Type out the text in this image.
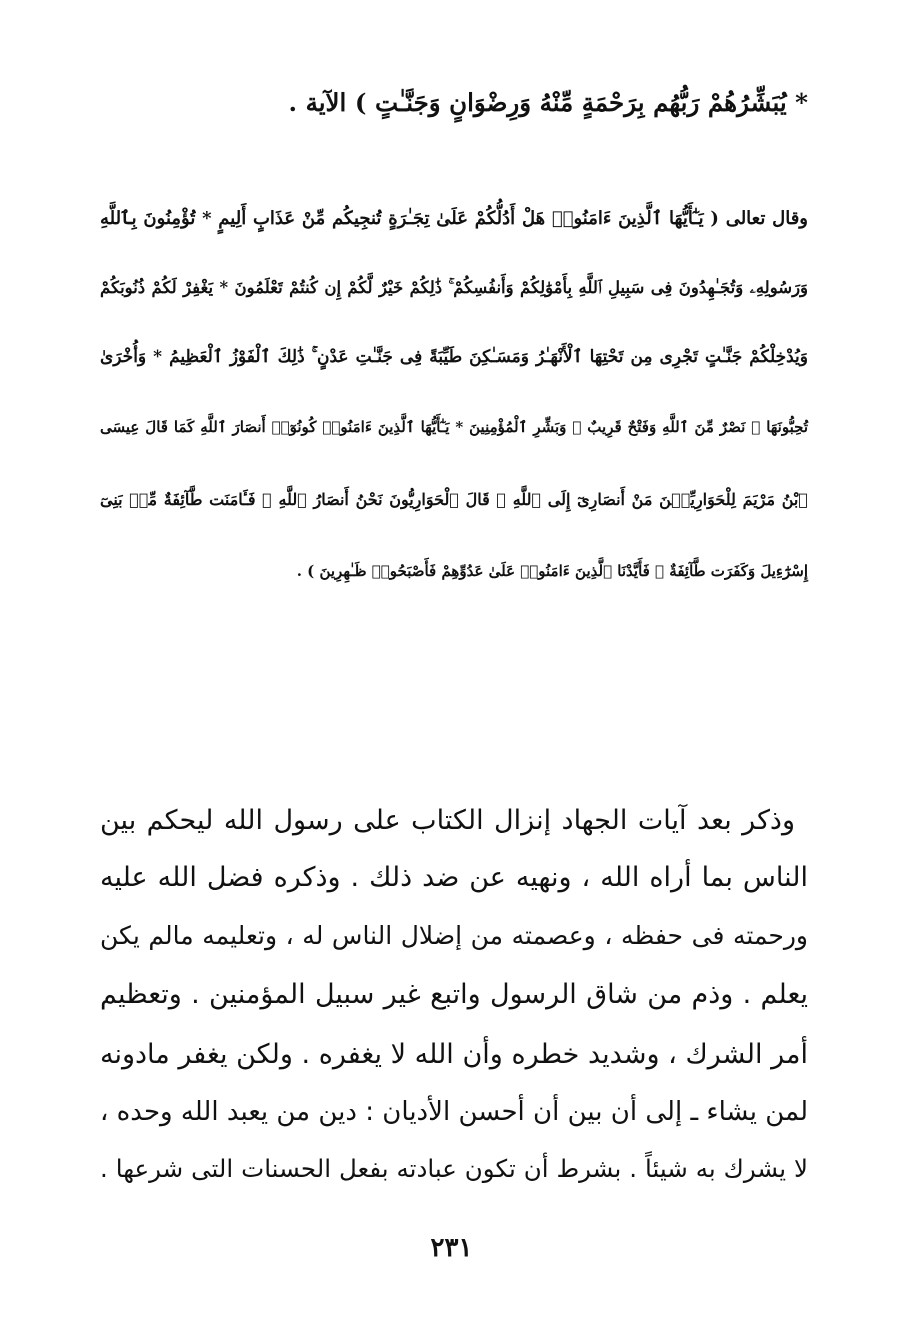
* يُبَشِّرُهُمْ رَبُّهُم بِرَحْمَةٍ مِّنْهُ وَرِضْوَانٍ وَجَنَّـٰتٍ ) الآية .
وقال تعالى ( يَـٰٓأَيُّهَا ٱلَّذِينَ ءَامَنُوا۟ هَلْ أَدُلُّكُمْ عَلَىٰ تِجَـٰرَةٍ تُنجِيكُم مِّنْ عَذَابٍ أَلِيمٍ * تُؤْمِنُونَ بِٱللَّهِ
وَرَسُولِهِۦ وَتُجَـٰهِدُونَ فِى سَبِيلِ ٱللَّهِ بِأَمْوَٰلِكُمْ وَأَنفُسِكُمْ ۚ ذَٰلِكُمْ خَيْرٌ لَّكُمْ إِن كُنتُمْ تَعْلَمُونَ * يَغْفِرْ لَكُمْ ذُنُوبَكُمْ
وَيُدْخِلْكُمْ جَنَّـٰتٍ تَجْرِى مِن تَحْتِهَا ٱلْأَنْهَـٰرُ وَمَسَـٰكِنَ طَيِّبَةً فِى جَنَّـٰتِ عَدْنٍ ۚ ذَٰلِكَ ٱلْفَوْزُ ٱلْعَظِيمُ * وَأُخْرَىٰ
تُحِبُّونَهَا ۖ نَصْرٌ مِّنَ ٱللَّهِ وَفَتْحٌ قَرِيبٌ ۗ وَبَشِّرِ ٱلْمُؤْمِنِينَ * يَـٰٓأَيُّهَا ٱلَّذِينَ ءَامَنُوا۟ كُونُوٓا۟ أَنصَارَ ٱللَّهِ كَمَا قَالَ عِيسَى
ٱبْنُ مَرْيَمَ لِلْحَوَارِيِّـۧنَ مَنْ أَنصَارِىٓ إِلَى ٱللَّهِ ۖ قَالَ ٱلْحَوَارِيُّونَ نَحْنُ أَنصَارُ ٱللَّهِ ۖ فَـَٔامَنَت طَّآئِفَةٌ مِّنۢ بَنِىٓ
إِسْرَٰٓءِيلَ وَكَفَرَت طَّآئِفَةٌ ۖ فَأَيَّدْنَا ٱلَّذِينَ ءَامَنُوا۟ عَلَىٰ عَدُوِّهِمْ فَأَصْبَحُوا۟ ظَـٰهِرِينَ ) .
وذكر بعد آيات الجهاد إنزال الكتاب على رسول الله ليحكم بين
الناس بما أراه الله ، ونهيه عن ضد ذلك . وذكره فضل الله عليه
ورحمته فى حفظه ، وعصمته من إضلال الناس له ، وتعليمه مالم يكن
يعلم . وذم من شاق الرسول واتبع غير سبيل المؤمنين . وتعظيم
أمر الشرك ، وشديد خطره وأن الله لا يغفره . ولكن يغفر مادونه
لمن يشاء ـ إلى أن بين أن أحسن الأديان : دين من يعبد الله وحده ،
لا يشرك به شيئاً . بشرط أن تكون عبادته بفعل الحسنات التى شرعها .
٢٣١
